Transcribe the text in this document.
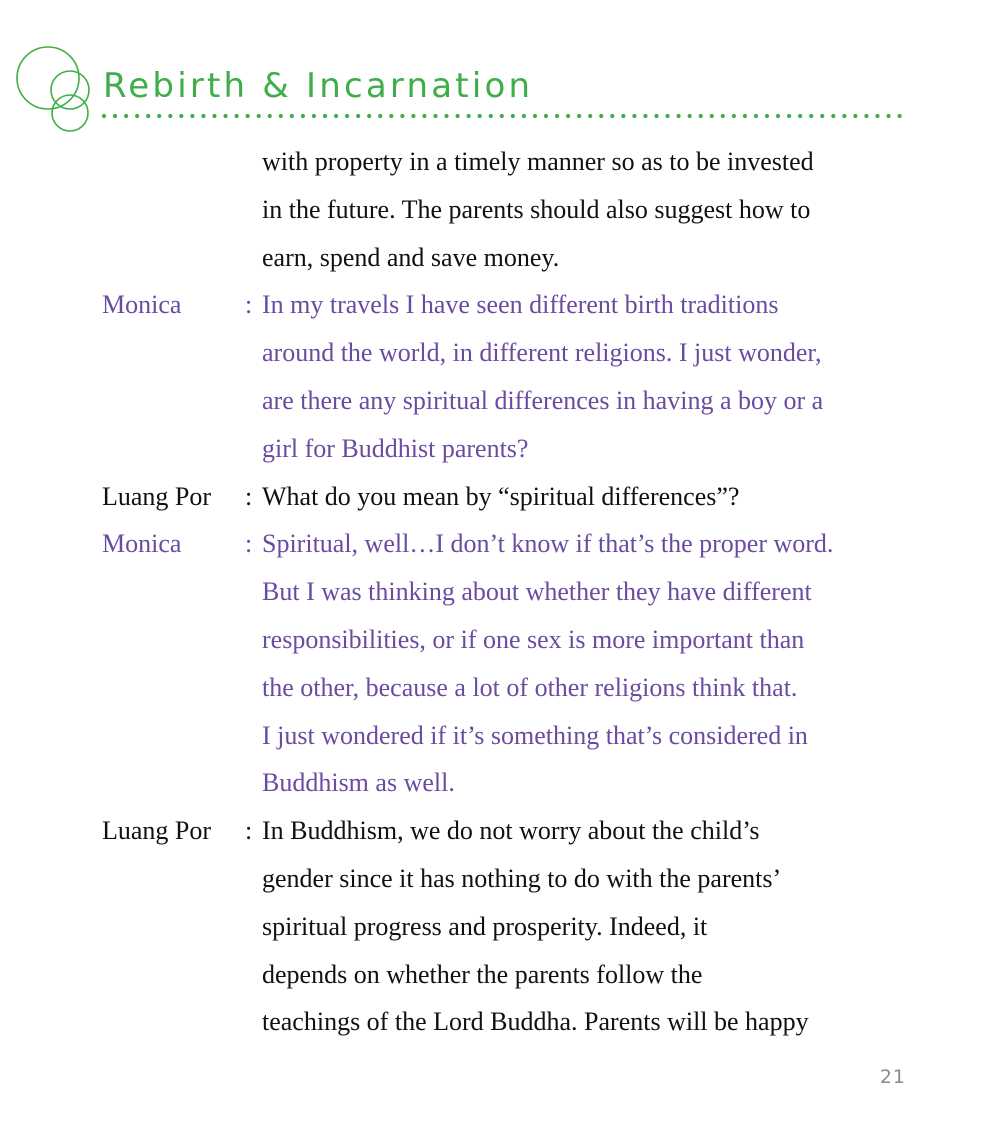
Rebirth & Incarnation
with property in a timely manner so as to be invested
in the future. The parents should also suggest how to
earn, spend and save money.
Monica : In my travels I have seen different birth traditions
around the world, in different religions. I just wonder,
are there any spiritual differences in having a boy or a
girl for Buddhist parents?
Luang Por : What do you mean by “spiritual differences”?
Monica : Spiritual, well…I don’t know if that’s the proper word.
But I was thinking about whether they have different
responsibilities, or if one sex is more important than
the other, because a lot of other religions think that.
I just wondered if it’s something that’s considered in
Buddhism as well.
Luang Por : In Buddhism, we do not worry about the child’s
gender since it has nothing to do with the parents’
spiritual progress and prosperity. Indeed, it
depends on whether the parents follow the
teachings of the Lord Buddha. Parents will be happy
21
